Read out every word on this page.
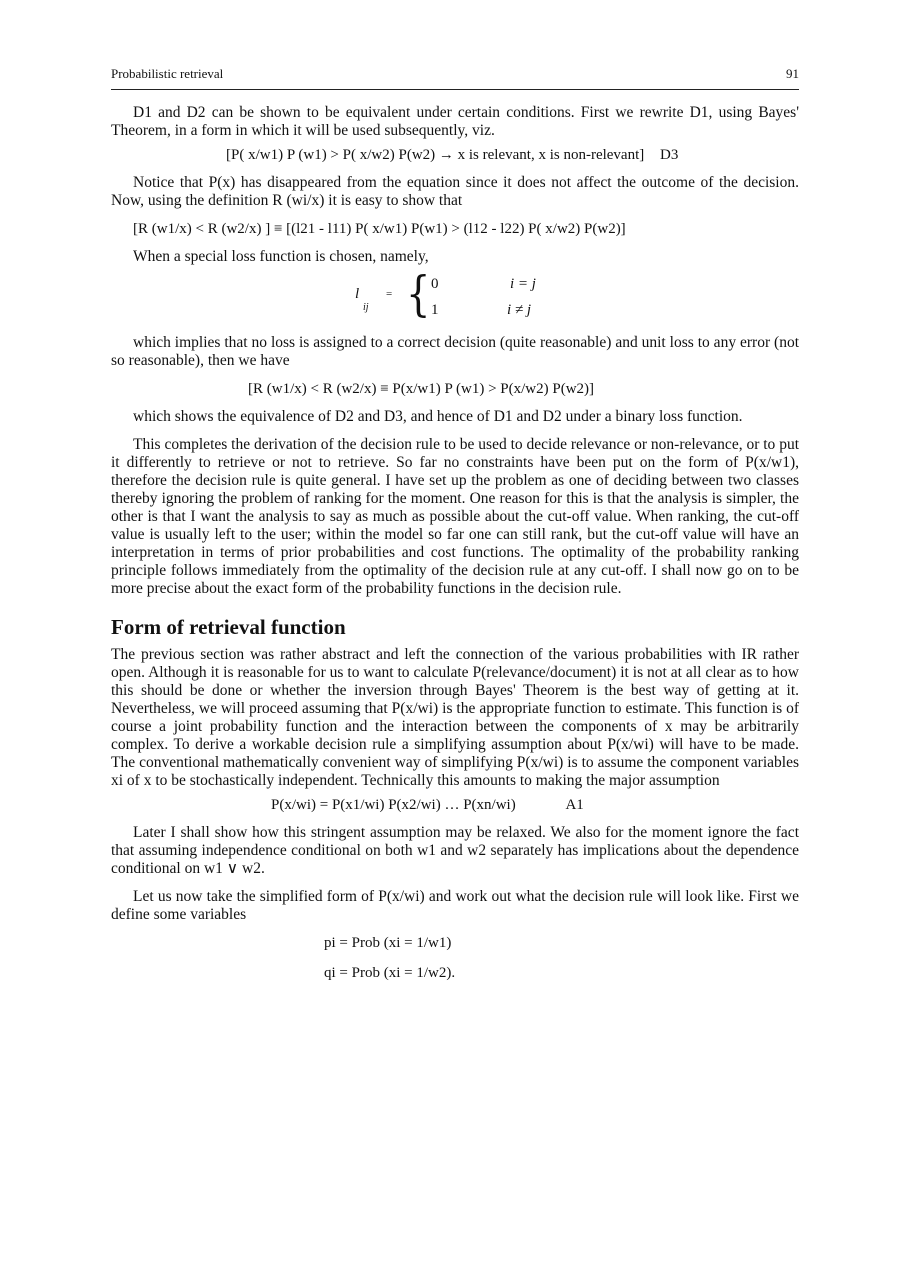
Probabilistic retrieval	91

D1 and D2 can be shown to be equivalent under certain conditions. First we rewrite D1, using Bayes' Theorem, in a form in which it will be used subsequently, viz.

[P( x/w1) P (w1) > P( x/w2) P(w2) → x is relevant, x is non-relevant] D3

Notice that P(x) has disappeared from the equation since it does not affect the outcome of the decision. Now, using the definition R (wi/x) it is easy to show that

[R (w1/x) < R (w2/x) ] ≡ [(l21 - l11) P( x/w1) P(w1) > (l12 - l22) P( x/w2) P(w2)]

When a special loss function is chosen, namely,

l
ij
= { 0	i = j
1	i ≠ j

which implies that no loss is assigned to a correct decision (quite reasonable) and unit loss to any error (not so reasonable), then we have

[R (w1/x) < R (w2/x) ≡ P(x/w1) P (w1) > P(x/w2) P(w2)]

which shows the equivalence of D2 and D3, and hence of D1 and D2 under a binary loss function.

This completes the derivation of the decision rule to be used to decide relevance or non-relevance, or to put it differently to retrieve or not to retrieve. So far no constraints have been put on the form of P(x/w1), therefore the decision rule is quite general. I have set up the problem as one of deciding between two classes thereby ignoring the problem of ranking for the moment. One reason for this is that the analysis is simpler, the other is that I want the analysis to say as much as possible about the cut-off value. When ranking, the cut-off value is usually left to the user; within the model so far one can still rank, but the cut-off value will have an interpretation in terms of prior probabilities and cost functions. The optimality of the probability ranking principle follows immediately from the optimality of the decision rule at any cut-off. I shall now go on to be more precise about the exact form of the probability functions in the decision rule.

Form of retrieval function

The previous section was rather abstract and left the connection of the various probabilities with IR rather open. Although it is reasonable for us to want to calculate P(relevance/document) it is not at all clear as to how this should be done or whether the inversion through Bayes' Theorem is the best way of getting at it. Nevertheless, we will proceed assuming that P(x/wi) is the appropriate function to estimate. This function is of course a joint probability function and the interaction between the components of x may be arbitrarily complex. To derive a workable decision rule a simplifying assumption about P(x/wi) will have to be made. The conventional mathematically convenient way of simplifying P(x/wi) is to assume the component variables xi of x to be stochastically independent. Technically this amounts to making the major assumption

P(x/wi) = P(x1/wi) P(x2/wi) … P(xn/wi)	A1

Later I shall show how this stringent assumption may be relaxed. We also for the moment ignore the fact that assuming independence conditional on both w1 and w2 separately has implications about the dependence conditional on w1 ∨ w2.

Let us now take the simplified form of P(x/wi) and work out what the decision rule will look like. First we define some variables

pi = Prob (xi = 1/w1)
qi = Prob (xi = 1/w2).
